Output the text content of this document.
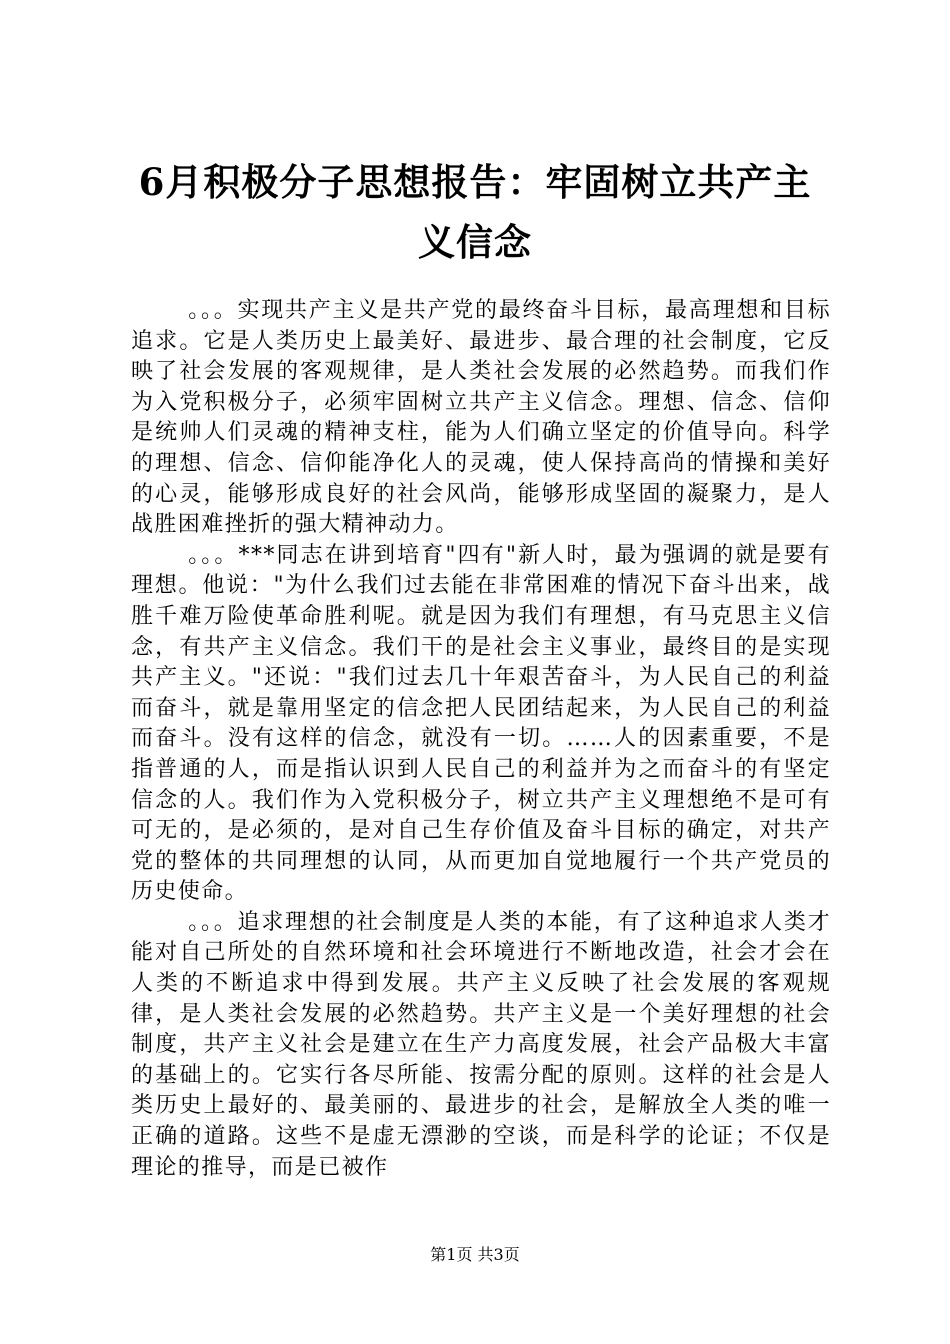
6月积极分子思想报告：牢固树立共产主义信念

。。。实现共产主义是共产党的最终奋斗目标，最高理想和目标追求。它是人类历史上最美好、最进步、最合理的社会制度，它反映了社会发展的客观规律，是人类社会发展的必然趋势。而我们作为入党积极分子，必须牢固树立共产主义信念。理想、信念、信仰是统帅人们灵魂的精神支柱，能为人们确立坚定的价值导向。科学的理想、信念、信仰能净化人的灵魂，使人保持高尚的情操和美好的心灵，能够形成良好的社会风尚，能够形成坚固的凝聚力，是人战胜困难挫折的强大精神动力。

。。。***同志在讲到培育"四有"新人时，最为强调的就是要有理想。他说："为什么我们过去能在非常困难的情况下奋斗出来，战胜千难万险使革命胜利呢。就是因为我们有理想，有马克思主义信念，有共产主义信念。我们干的是社会主义事业，最终目的是实现共产主义。"还说："我们过去几十年艰苦奋斗，为人民自己的利益而奋斗，就是靠用坚定的信念把人民团结起来，为人民自己的利益而奋斗。没有这样的信念，就没有一切。……人的因素重要，不是指普通的人，而是指认识到人民自己的利益并为之而奋斗的有坚定信念的人。我们作为入党积极分子，树立共产主义理想绝不是可有可无的，是必须的，是对自己生存价值及奋斗目标的确定，对共产党的整体的共同理想的认同，从而更加自觉地履行一个共产党员的历史使命。

。。。追求理想的社会制度是人类的本能，有了这种追求人类才能对自己所处的自然环境和社会环境进行不断地改造，社会才会在人类的不断追求中得到发展。共产主义反映了社会发展的客观规律，是人类社会发展的必然趋势。共产主义是一个美好理想的社会制度，共产主义社会是建立在生产力高度发展，社会产品极大丰富的基础上的。它实行各尽所能、按需分配的原则。这样的社会是人类历史上最好的、最美丽的、最进步的社会，是解放全人类的唯一正确的道路。这些不是虚无漂渺的空谈，而是科学的论证；不仅是理论的推导，而是已被作

第1页 共3页
